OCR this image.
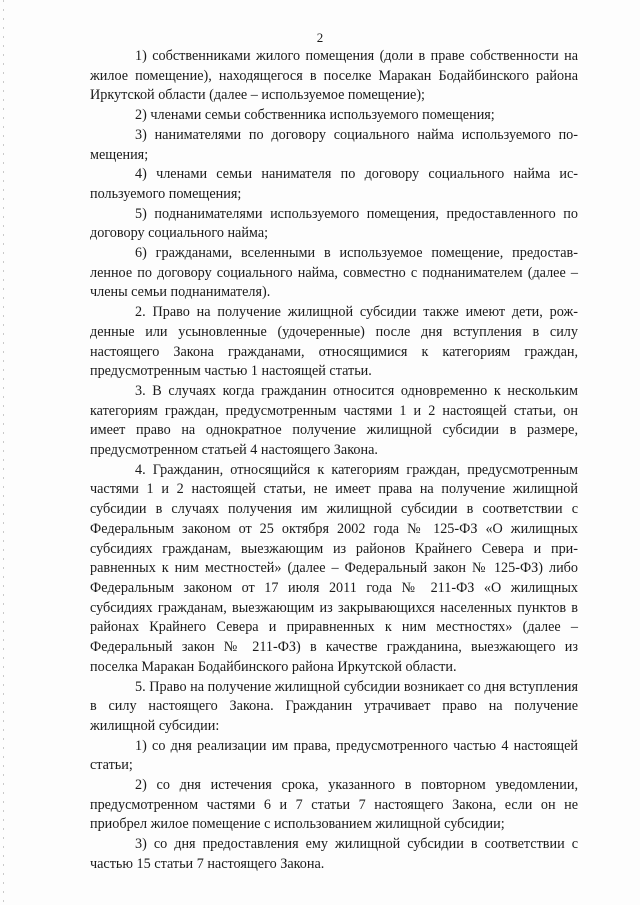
2

1) собственниками жилого помещения (доли в праве собственности на жилое помещение), находящегося в поселке Маракан Бодайбинского района Иркутской области (далее – используемое помещение);

2) членами семьи собственника используемого помещения;

3) нанимателями по договору социального найма используемого помещения;

4) членами семьи нанимателя по договору социального найма используемого помещения;

5) поднанимателями используемого помещения, предоставленного по договору социального найма;

6) гражданами, вселенными в используемое помещение, предоставленное по договору социального найма, совместно с поднанимателем (далее – члены семьи поднанимателя).

2. Право на получение жилищной субсидии также имеют дети, рожденные или усыновленные (удочеренные) после дня вступления в силу настоящего Закона гражданами, относящимися к категориям граждан, предусмотренным частью 1 настоящей статьи.

3. В случаях когда гражданин относится одновременно к нескольким категориям граждан, предусмотренным частями 1 и 2 настоящей статьи, он имеет право на однократное получение жилищной субсидии в размере, предусмотренном статьей 4 настоящего Закона.

4. Гражданин, относящийся к категориям граждан, предусмотренным частями 1 и 2 настоящей статьи, не имеет права на получение жилищной субсидии в случаях получения им жилищной субсидии в соответствии с Федеральным законом от 25 октября 2002 года № 125-ФЗ «О жилищных субсидиях гражданам, выезжающим из районов Крайнего Севера и приравненных к ним местностей» (далее – Федеральный закон № 125-ФЗ) либо Федеральным законом от 17 июля 2011 года № 211-ФЗ «О жилищных субсидиях гражданам, выезжающим из закрывающихся населенных пунктов в районах Крайнего Севера и приравненных к ним местностях» (далее – Федеральный закон № 211-ФЗ) в качестве гражданина, выезжающего из поселка Маракан Бодайбинского района Иркутской области.

5. Право на получение жилищной субсидии возникает со дня вступления в силу настоящего Закона. Гражданин утрачивает право на получение жилищной субсидии:

1) со дня реализации им права, предусмотренного частью 4 настоящей статьи;

2) со дня истечения срока, указанного в повторном уведомлении, предусмотренном частями 6 и 7 статьи 7 настоящего Закона, если он не приобрел жилое помещение с использованием жилищной субсидии;

3) со дня предоставления ему жилищной субсидии в соответствии с частью 15 статьи 7 настоящего Закона.
